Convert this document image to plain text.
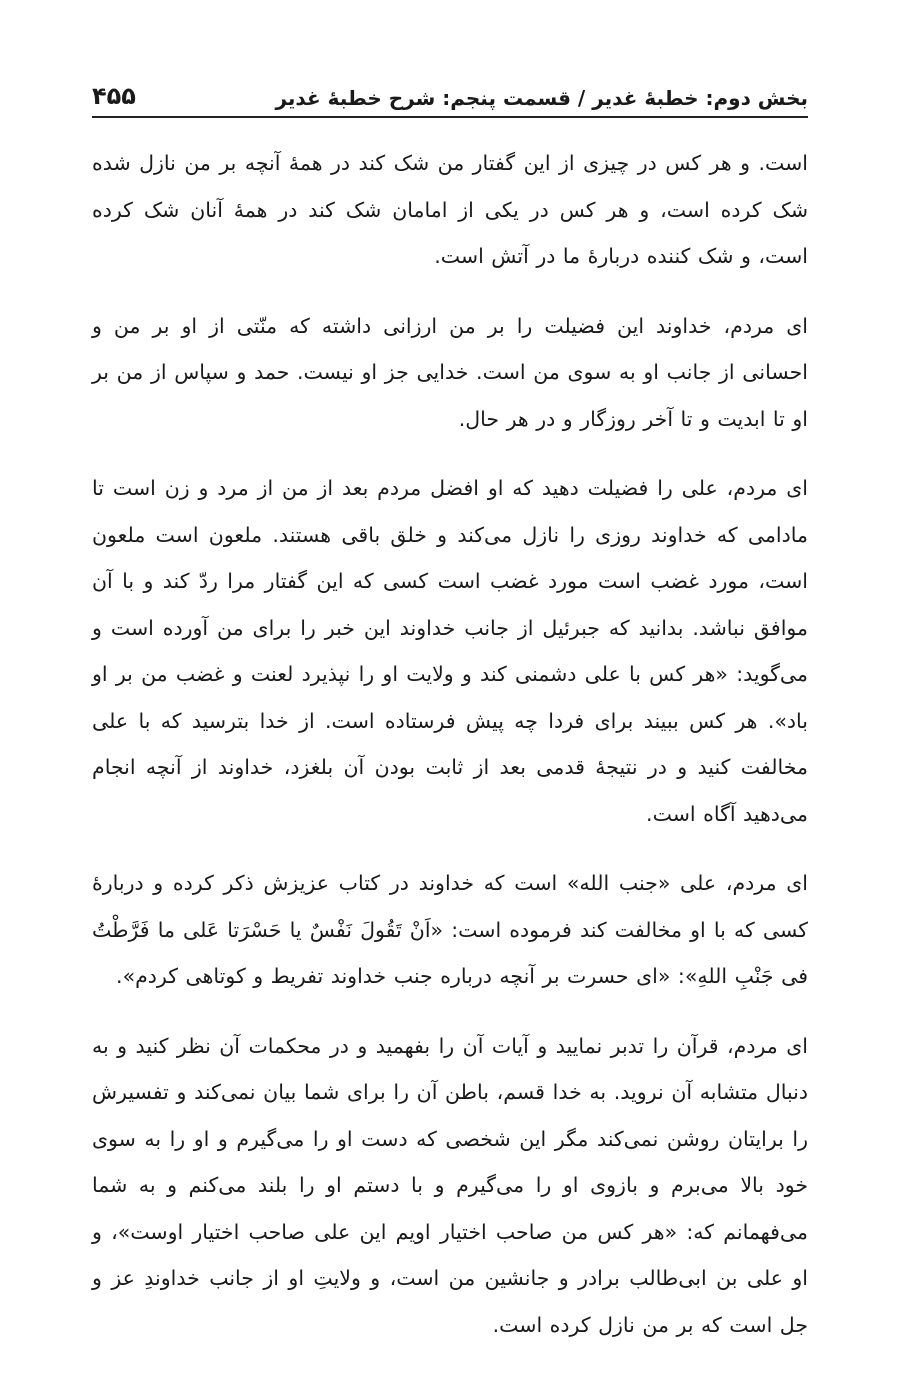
بخش دوم: خطبهٔ غدیر / قسمت پنجم: شرح خطبهٔ غدیر
۴۵۵

است. و هر کس در چیزی از این گفتار من شک کند در همهٔ آنچه بر من نازل شده شک کرده است، و هر کس در یکی از امامان شک کند در همهٔ آنان شک کرده است، و شک کننده دربارهٔ ما در آتش است.

ای مردم، خداوند این فضیلت را بر من ارزانی داشته که منّتی از او بر من و احسانی از جانب او به سوی من است. خدایی جز او نیست. حمد و سپاس از من بر او تا ابدیت و تا آخر روزگار و در هر حال.

ای مردم، علی را فضیلت دهید که او افضل مردم بعد از من از مرد و زن است تا مادامی که خداوند روزی را نازل می‌کند و خلق باقی هستند. ملعون است ملعون است، مورد غضب است مورد غضب است کسی که این گفتار مرا ردّ کند و با آن موافق نباشد. بدانید که جبرئیل از جانب خداوند این خبر را برای من آورده است و می‌گوید: «هر کس با علی دشمنی کند و ولایت او را نپذیرد لعنت و غضب من بر او باد». هر کس ببیند برای فردا چه پیش فرستاده است. از خدا بترسید که با علی مخالفت کنید و در نتیجهٔ قدمی بعد از ثابت بودن آن بلغزد، خداوند از آنچه انجام می‌دهید آگاه است.

ای مردم، علی «جنب الله» است که خداوند در کتاب عزیزش ذکر کرده و دربارهٔ کسی که با او مخالفت کند فرموده است: «اَنْ تَقُولَ نَفْسٌ یا حَسْرَتا عَلی ما فَرَّطْتُ فی جَنْبِ اللهِ»: «ای حسرت بر آنچه درباره جنب خداوند تفریط و کوتاهی کردم».

ای مردم، قرآن را تدبر نمایید و آیات آن را بفهمید و در محکمات آن نظر کنید و به دنبال متشابه آن نروید. به خدا قسم، باطن آن را برای شما بیان نمی‌کند و تفسیرش را برایتان روشن نمی‌کند مگر این شخصی که دست او را می‌گیرم و او را به سوی خود بالا می‌برم و بازوی او را می‌گیرم و با دستم او را بلند می‌کنم و به شما می‌فهمانم که: «هر کس من صاحب اختیار اویم این علی صاحب اختیار اوست»، و او علی بن ابی‌طالب برادر و جانشین من است، و ولایتِ او از جانب خداوندِ عز و جل است که بر من نازل کرده است.
